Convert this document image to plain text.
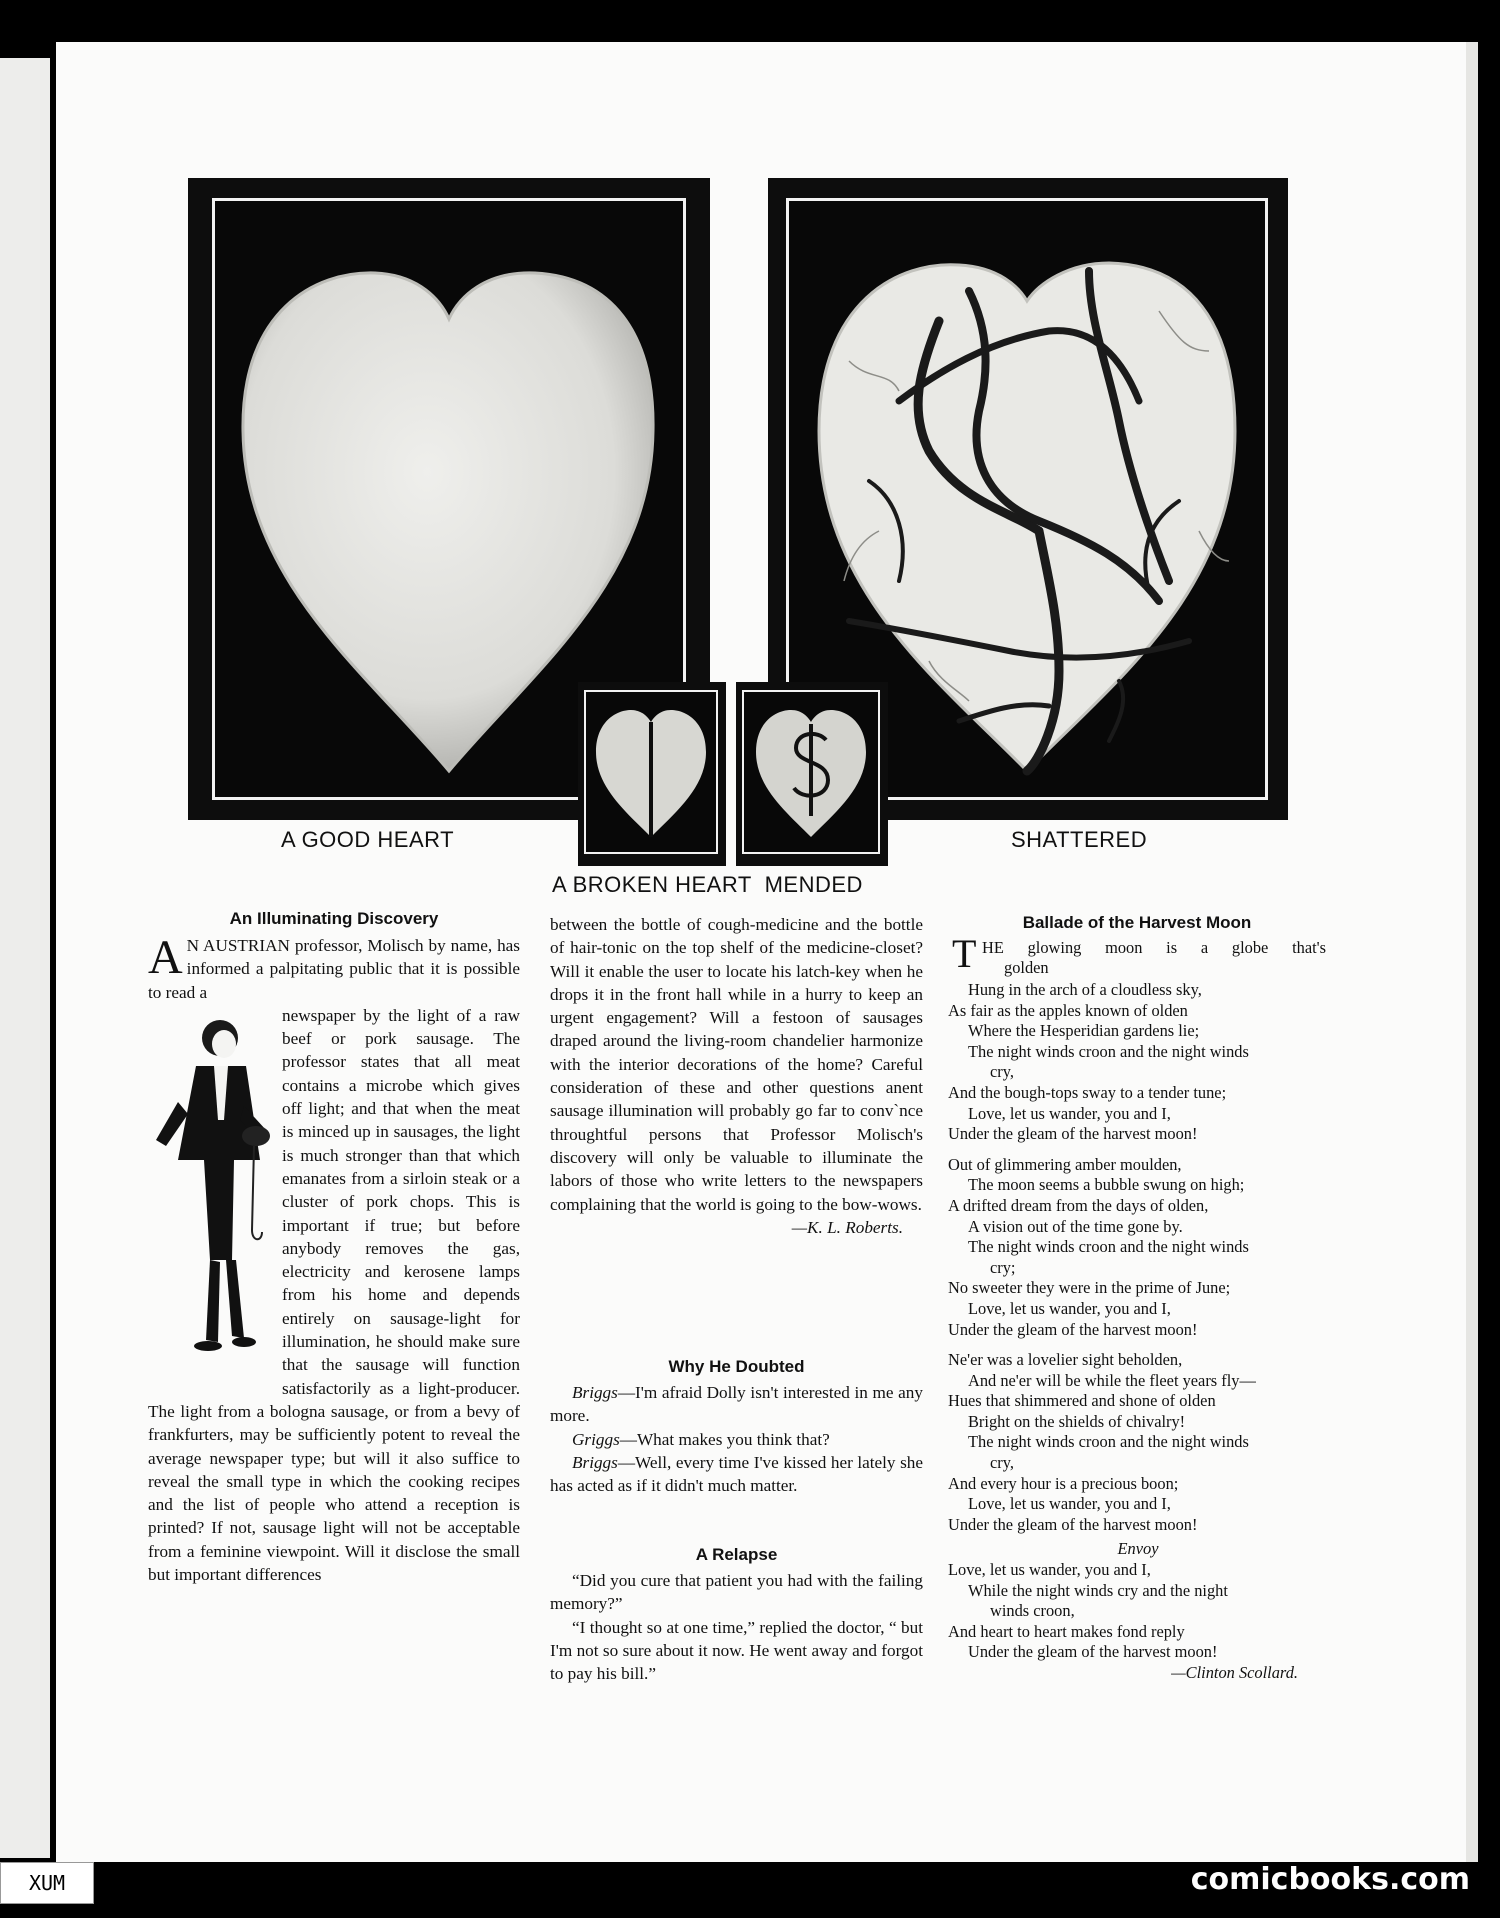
A GOOD HEART
A BROKEN HEART  MENDED
SHATTERED
An Illuminating Discovery

A N AUSTRIAN professor, Molisch by name, has informed a palpitating public that it is possible to read a

newspaper by the light of a raw beef or pork sausage. The professor states that all meat contains a microbe which gives off light; and that when the meat is minced up in sausages, the light is much stronger than that which emanates from a sirloin steak or a cluster of pork chops. This is important if true; but before anybody removes the gas, electricity and kerosene lamps from his home and depends entirely on sausage-light for illumination, he should make sure that the sausage will function satisfactorily as a light-producer. The light from a bologna sausage, or from a bevy of frankfurters, may be sufficiently potent to reveal the average newspaper type; but will it also suffice to reveal the small type in which the cooking recipes and the list of people who attend a reception is printed? If not, sausage light will not be acceptable from a feminine viewpoint. Will it disclose the small but important differences

between the bottle of cough-medicine and the bottle of hair-tonic on the top shelf of the medicine-closet? Will it enable the user to locate his latch-key when he drops it in the front hall while in a hurry to keep an urgent engagement? Will a festoon of sausages draped around the living-room chandelier harmonize with the interior decorations of the home? Careful consideration of these and other questions anent sausage illumination will probably go far to conv`nce throughtful persons that Professor Molisch's discovery will only be valuable to illuminate the labors of those who write letters to the newspapers complaining that the world is going to the bow-wows.

—K. L. Roberts.

Why He Doubted

Briggs—I'm afraid Dolly isn't interested in me any more.

Griggs—What makes you think that?

Briggs—Well, every time I've kissed her lately she has acted as if it didn't much matter.

A Relapse

“Did you cure that patient you had with the failing memory?”

“I thought so at one time,” replied the doctor, “ but I'm not so sure about it now. He went away and forgot to pay his bill.”

Ballade of the Harvest Moon
T HE glowing moon is a globe that's
golden
Hung in the arch of a cloudless sky,
As fair as the apples known of olden
Where the Hesperidian gardens lie;
The night winds croon and the night winds
cry,
And the bough-tops sway to a tender tune;
Love, let us wander, you and I,
Under the gleam of the harvest moon!
Out of glimmering amber moulden,
The moon seems a bubble swung on high;
A drifted dream from the days of olden,
A vision out of the time gone by.
The night winds croon and the night winds
cry;
No sweeter they were in the prime of June;
Love, let us wander, you and I,
Under the gleam of the harvest moon!
Ne'er was a lovelier sight beholden,
And ne'er will be while the fleet years fly—
Hues that shimmered and shone of olden
Bright on the shields of chivalry!
The night winds croon and the night winds
cry,
And every hour is a precious boon;
Love, let us wander, you and I,
Under the gleam of the harvest moon!
Envoy
Love, let us wander, you and I,
While the night winds cry and the night
winds croon,
And heart to heart makes fond reply
Under the gleam of the harvest moon!
—Clinton Scollard.
XUM	comicbooks.com
